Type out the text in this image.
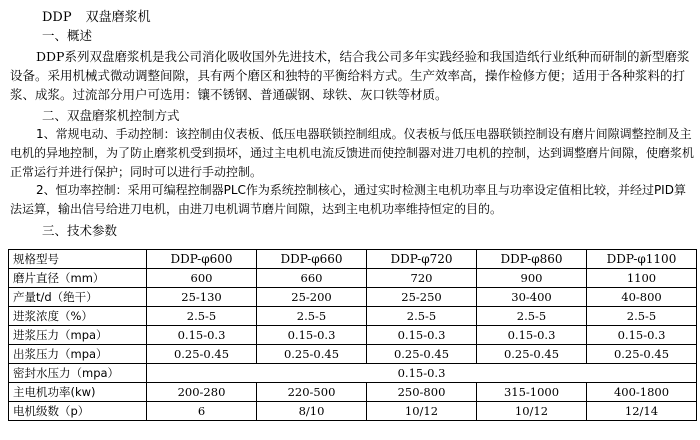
DDP 双盘磨浆机
一、概述
DDP系列双盘磨浆机是我公司消化吸收国外先进技术，结合我公司多年实践经验和我国造纸行业纸种而研制的新型磨浆设备。采用机械式微动调整间隙，具有两个磨区和独特的平衡给料方式。生产效率高，操作检修方便；适用于各种浆料的打浆、成浆。过流部分用户可选用：镶不锈钢、普通碳钢、球铁、灰口铁等材质。
二、双盘磨浆机控制方式
1、常规电动、手动控制：该控制由仪表板、低压电器联锁控制组成。仪表板与低压电器联锁控制设有磨片间隙调整控制及主电机的异地控制，为了防止磨浆机受到损坏，通过主电机电流反馈进而使控制器对进刀电机的控制，达到调整磨片间隙，使磨浆机正常运行并进行保护；同时可以进行手动控制。
2、恒功率控制：采用可编程控制器PLC作为系统控制核心，通过实时检测主电机功率且与功率设定值相比较，并经过PID算法运算，输出信号给进刀电机，由进刀电机调节磨片间隙，达到主电机功率维持恒定的目的。
三、技术参数
规格型号	DDP-φ600	DDP-φ660	DDP-φ720	DDP-φ860	DDP-φ1100
磨片直径（mm）	600	660	720	900	1100
产量t/d（绝干）	25-130	25-200	25-250	30-400	40-800
进浆浓度（%）	2.5-5	2.5-5	2.5-5	2.5-5	2.5-5
进浆压力（mpa）	0.15-0.3	0.15-0.3	0.15-0.3	0.15-0.3	0.15-0.3
出浆压力（mpa）	0.25-0.45	0.25-0.45	0.25-0.45	0.25-0.45	0.25-0.45
密封水压力（mpa）	0.15-0.3				
主电机功率(kw)	200-280	220-500	250-800	315-1000	400-1800
电机级数（p）	6	8/10	10/12	10/12	12/14
